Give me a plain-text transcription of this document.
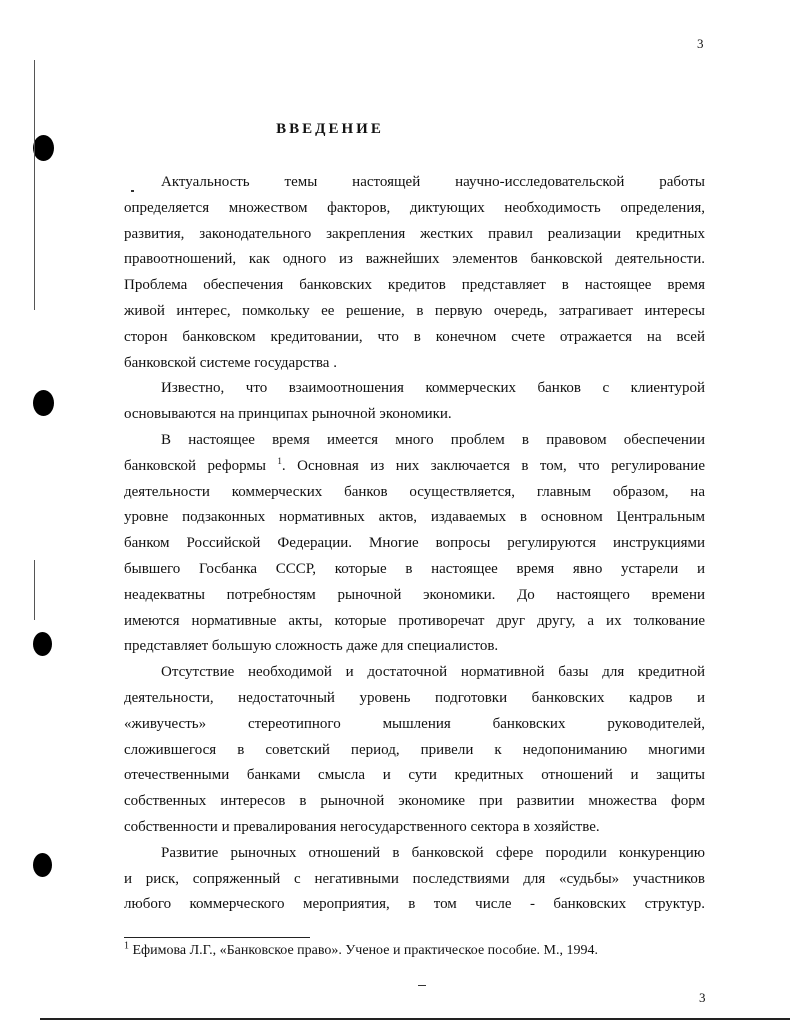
3
ВВЕДЕНИЕ

Актуальность темы настоящей научно-исследовательской работы
определяется множеством факторов, диктующих необходимость определения,
развития, законодательного закрепления жестких правил реализации кредитных
правоотношений, как одного из важнейших элементов банковской деятельности.
Проблема обеспечения банковских кредитов представляет в настоящее время
живой интерес, помкольку ее решение, в первую очередь, затрагивает интересы
сторон банковском кредитовании, что в конечном счете отражается на всей
банковской системе государства .

Известно, что взаимоотношения коммерческих банков с клиентурой
основываются на принципах рыночной экономики.

В настоящее время имеется много проблем в правовом обеспечении
банковской реформы $^1$. Основная из них заключается в том, что регулирование
деятельности коммерческих банков осуществляется, главным образом, на
уровне подзаконных нормативных актов, издаваемых в основном Центральным
банком Российской Федерации. Многие вопросы регулируются инструкциями
бывшего Госбанка СССР, которые в настоящее время явно устарели и
неадекватны потребностям рыночной экономики. До настоящего времени
имеются нормативные акты, которые противоречат друг другу, а их толкование
представляет большую сложность даже для специалистов.

Отсутствие необходимой и достаточной нормативной базы для кредитной
деятельности, недостаточный уровень подготовки банковских кадров и
«живучесть» стереотипного мышления банковских руководителей,
сложившегося в советский период, привели к недопониманию многими
отечественными банками смысла и сути кредитных отношений и защиты
собственных интересов в рыночной экономике при развитии множества форм
собственности и превалирования негосударственного сектора в хозяйстве.

Развитие рыночных отношений в банковской сфере породили конкуренцию
и риск, сопряженный с негативными последствиями для «судьбы» участников
любого коммерческого мероприятия, в том числе - банковских структур.

$^1$ Ефимова Л.Г., «Банковское право». Ученое и практическое пособие. М., 1994.
3
